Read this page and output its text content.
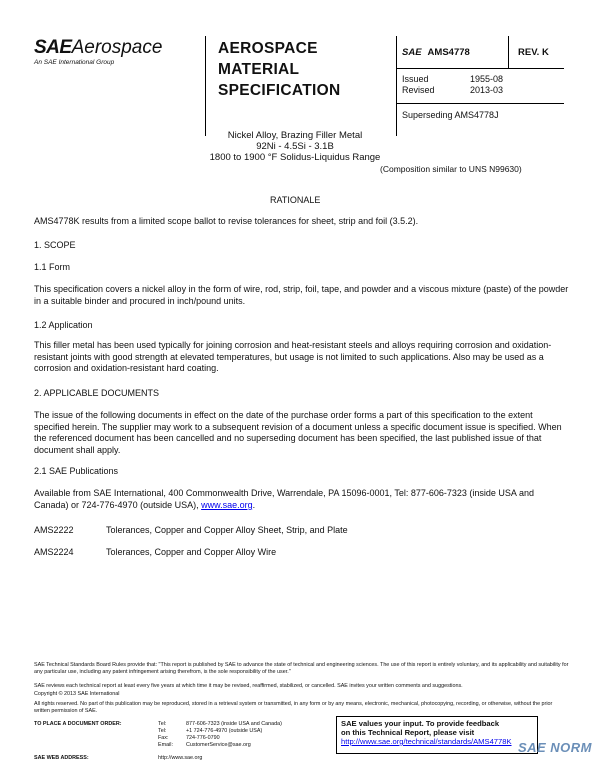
SAEAerospace
An SAE International Group
AEROSPACE
MATERIAL
SPECIFICATION
SAE AMS4778	REV. K
Issued	1955-08
Revised	2013-03
Superseding AMS4778J
Nickel Alloy, Brazing Filler Metal
92Ni - 4.5Si - 3.1B
1800 to 1900 °F Solidus-Liquidus Range
(Composition similar to UNS N99630)
RATIONALE
AMS4778K results from a limited scope ballot to revise tolerances for sheet, strip and foil (3.5.2).
1. SCOPE
1.1 Form
This specification covers a nickel alloy in the form of wire, rod, strip, foil, tape, and powder and a viscous mixture (paste) of the powder in a suitable binder and procured in inch/pound units.
1.2 Application
This filler metal has been used typically for joining corrosion and heat-resistant steels and alloys requiring corrosion and oxidation-resistant joints with good strength at elevated temperatures, but usage is not limited to such applications. Also may be used as a corrosion and oxidation-resistant hard coating.
2. APPLICABLE DOCUMENTS
The issue of the following documents in effect on the date of the purchase order forms a part of this specification to the extent specified herein. The supplier may work to a subsequent revision of a document unless a specific document issue is specified. When the referenced document has been cancelled and no superseding document has been specified, the last published issue of that document shall apply.
2.1 SAE Publications
Available from SAE International, 400 Commonwealth Drive, Warrendale, PA 15096-0001, Tel: 877-606-7323 (inside USA and Canada) or 724-776-4970 (outside USA), www.sae.org.
AMS2222	Tolerances, Copper and Copper Alloy Sheet, Strip, and Plate
AMS2224	Tolerances, Copper and Copper Alloy Wire
SAE Technical Standards Board Rules provide that: "This report is published by SAE to advance the state of technical and engineering sciences. The use of this report is entirely voluntary, and its applicability and suitability for any particular use, including any patent infringement arising therefrom, is the sole responsibility of the user."
SAE reviews each technical report at least every five years at which time it may be revised, reaffirmed, stabilized, or cancelled. SAE invites your written comments and suggestions.
Copyright © 2013 SAE International
All rights reserved. No part of this publication may be reproduced, stored in a retrieval system or transmitted, in any form or by any means, electronic, mechanical, photocopying, recording, or otherwise, without the prior written permission of SAE.
TO PLACE A DOCUMENT ORDER:	Tel:	877-606-7323 (inside USA and Canada)
Tel:	+1 724-776-4970 (outside USA)
Fax:	724-776-0790
Email: CustomerService@sae.org
SAE WEB ADDRESS:	http://www.sae.org
SAE values your input. To provide feedback
on this Technical Report, please visit
http://www.sae.org/technical/standards/AMS4778K SAE NORM
